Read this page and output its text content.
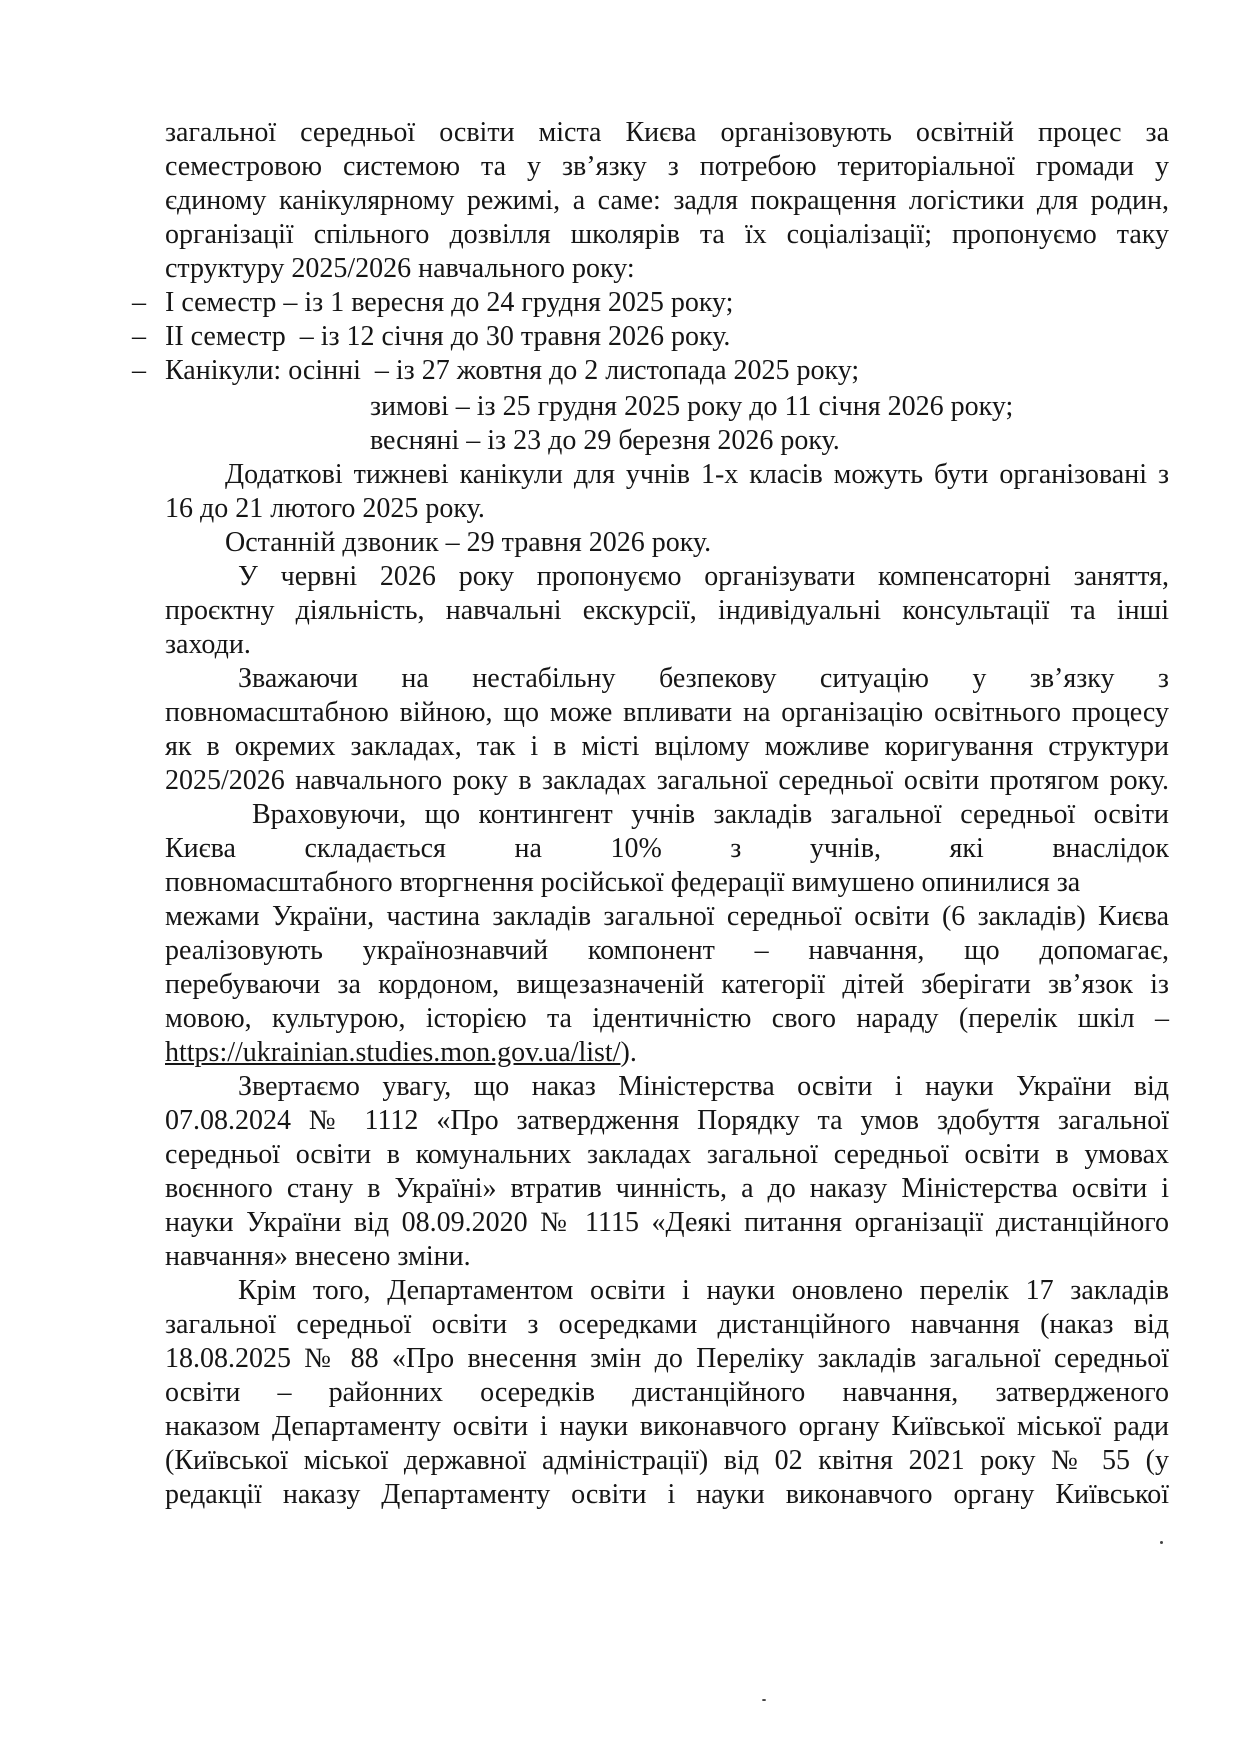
загальної середньої освіти міста Києва організовують освітній процес за
семестровою системою та у зв’язку з потребою територіальної громади у
єдиному канікулярному режимі, а саме: задля покращення логістики для родин,
організації спільного дозвілля школярів та їх соціалізації; пропонуємо таку
структуру 2025/2026 навчального року:
– І семестр – із 1 вересня до 24 грудня 2025 року;
– ІІ семестр  – із 12 січня до 30 травня 2026 року.
– Канікули: осінні  – із 27 жовтня до 2 листопада 2025 року;
зимові – із 25 грудня 2025 року до 11 січня 2026 року;
весняні – із 23 до 29 березня 2026 року.
Додаткові тижневі канікули для учнів 1-х класів можуть бути організовані з
16 до 21 лютого 2025 року.
Останній дзвоник – 29 травня 2026 року.
У червні 2026 року пропонуємо організувати компенсаторні заняття,
проєктну діяльність, навчальні екскурсії, індивідуальні консультації та інші
заходи.
Зважаючи на нестабільну безпекову ситуацію у зв’язку з
повномасштабною війною, що може впливати на організацію освітнього процесу
як в окремих закладах, так і в місті вцілому можливе коригування структури
2025/2026 навчального року в закладах загальної середньої освіти протягом року.
Враховуючи, що контингент учнів закладів загальної середньої освіти
Києва складається на 10% з учнів, які внаслідок
повномасштабного вторгнення російської федерації вимушено опинилися за
межами України, частина закладів загальної середньої освіти (6 закладів) Києва
реалізовують українознавчий компонент – навчання, що допомагає,
перебуваючи за кордоном, вищезазначеній категорії дітей зберігати зв’язок із
мовою, культурою, історією та ідентичністю свого нараду (перелік шкіл –
https://ukrainian.studies.mon.gov.ua/list/).
Звертаємо увагу, що наказ Міністерства освіти і науки України від
07.08.2024 № 1112 «Про затвердження Порядку та умов здобуття загальної
середньої освіти в комунальних закладах загальної середньої освіти в умовах
воєнного стану в Україні» втратив чинність, а до наказу Міністерства освіти і
науки України від 08.09.2020 № 1115 «Деякі питання організації дистанційного
навчання» внесено зміни.
Крім того, Департаментом освіти і науки оновлено перелік 17 закладів
загальної середньої освіти з осередками дистанційного навчання (наказ від
18.08.2025 № 88 «Про внесення змін до Переліку закладів загальної середньої
освіти – районних осередків дистанційного навчання, затвердженого
наказом Департаменту освіти і науки виконавчого органу Київської міської ради
(Київської міської державної адміністрації) від 02 квітня 2021 року № 55 (у
редакції наказу Департаменту освіти і науки виконавчого органу Київської
